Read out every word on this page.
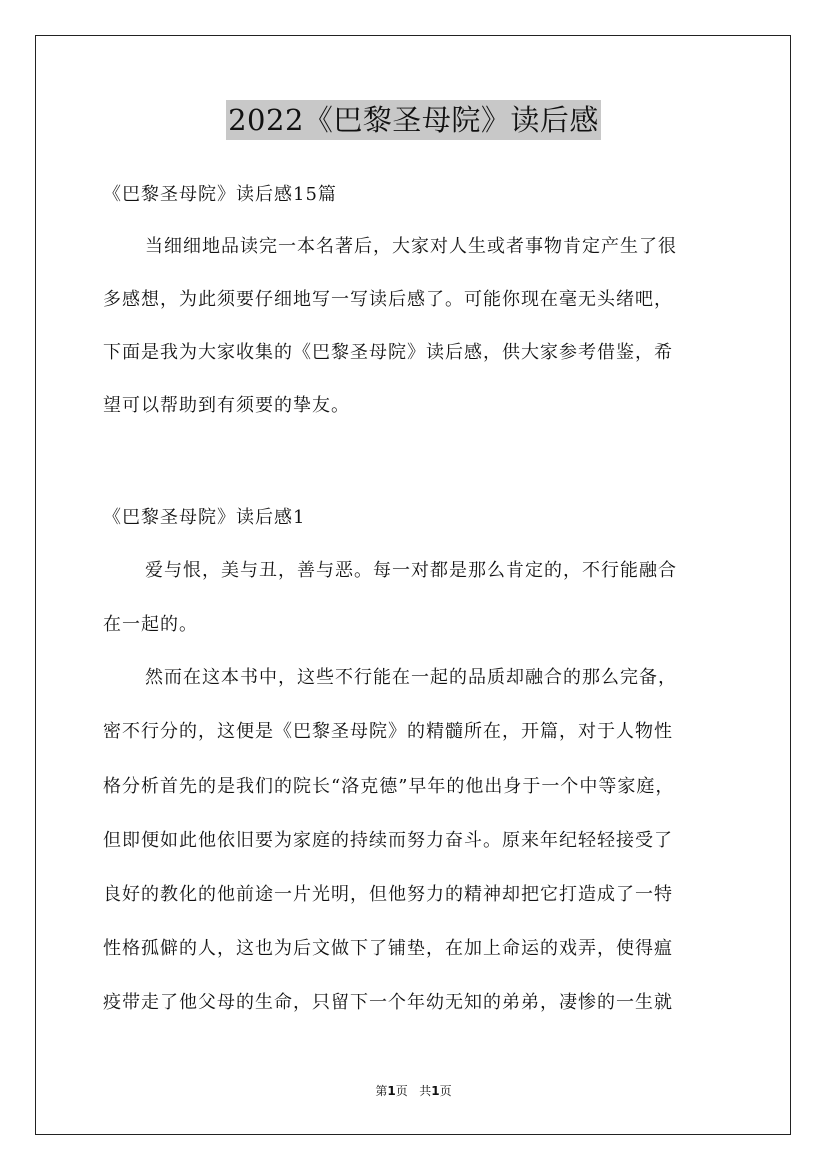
2022《巴黎圣母院》读后感
《巴黎圣母院》读后感15篇
当细细地品读完一本名著后，大家对人生或者事物肯定产生了很
多感想，为此须要仔细地写一写读后感了。可能你现在毫无头绪吧，
下面是我为大家收集的《巴黎圣母院》读后感，供大家参考借鉴，希
望可以帮助到有须要的挚友。
《巴黎圣母院》读后感1
爱与恨，美与丑，善与恶。每一对都是那么肯定的，不行能融合
在一起的。
然而在这本书中，这些不行能在一起的品质却融合的那么完备，
密不行分的，这便是《巴黎圣母院》的精髓所在，开篇，对于人物性
格分析首先的是我们的院长“洛克德”早年的他出身于一个中等家庭，
但即便如此他依旧要为家庭的持续而努力奋斗。原来年纪轻轻接受了
良好的教化的他前途一片光明，但他努力的精神却把它打造成了一特
性格孤僻的人，这也为后文做下了铺垫，在加上命运的戏弄，使得瘟
疫带走了他父母的生命，只留下一个年幼无知的弟弟，凄惨的一生就
第1页 共1页
